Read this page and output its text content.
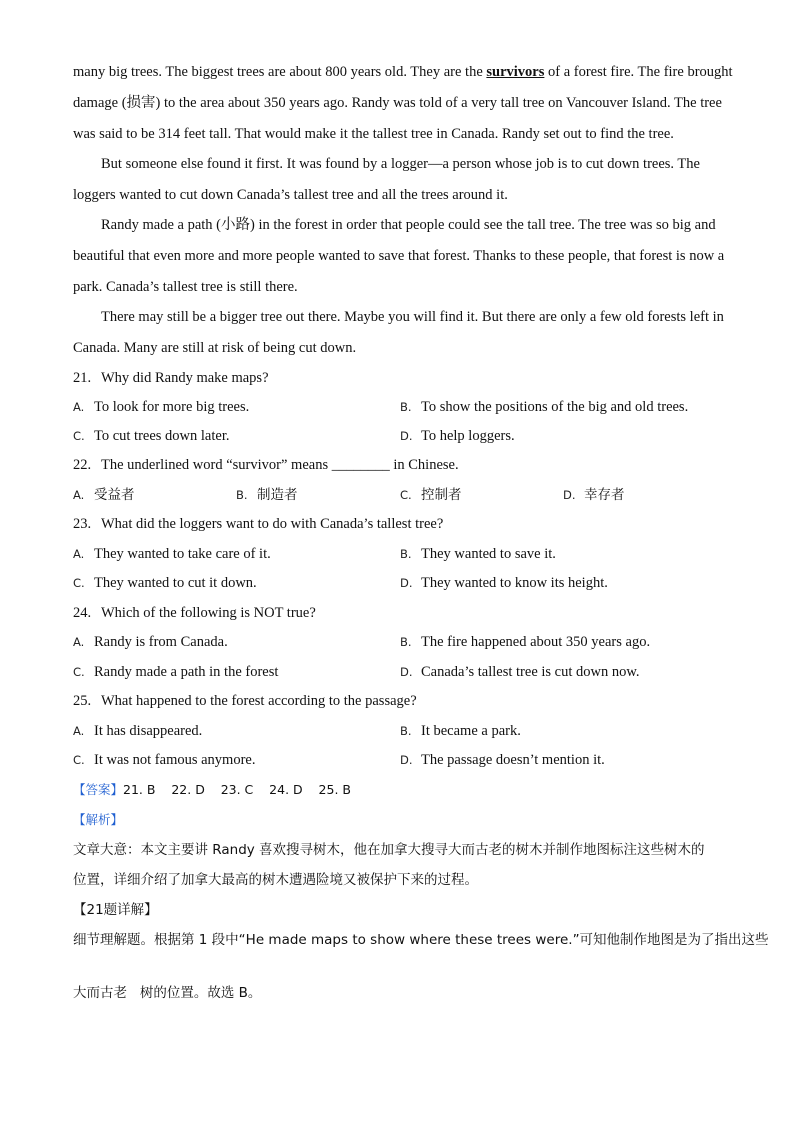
many big trees. The biggest trees are about 800 years old. They are the survivors of a forest fire. The fire brought
damage (损害) to the area about 350 years ago. Randy was told of a very tall tree on Vancouver Island. The tree
was said to be 314 feet tall. That would make it the tallest tree in Canada. Randy set out to find the tree.
But someone else found it first. It was found by a logger—a person whose job is to cut down trees. The
loggers wanted to cut down Canada’s tallest tree and all the trees around it.
Randy made a path (小路) in the forest in order that people could see the tall tree. The tree was so big and
beautiful that even more and more people wanted to save that forest. Thanks to these people, that forest is now a
park. Canada’s tallest tree is still there.
There may still be a bigger tree out there. Maybe you will find it. But there are only a few old forests left in
Canada. Many are still at risk of being cut down.
21. Why did Randy make maps?
A. To look for more big trees.	B. To show the positions of the big and old trees.
C. To cut trees down later.	D. To help loggers.
22. The underlined word “survivor” means ________ in Chinese.
A. 受益者	B. 制造者	C. 控制者	D. 幸存者
23. What did the loggers want to do with Canada’s tallest tree?
A. They wanted to take care of it.	B. They wanted to save it.
C. They wanted to cut it down.	D. They wanted to know its height.
24. Which of the following is NOT true?
A. Randy is from Canada.	B. The fire happened about 350 years ago.
C. Randy made a path in the forest	D. Canada’s tallest tree is cut down now.
25. What happened to the forest according to the passage?
A. It has disappeared.	B. It became a park.
C. It was not famous anymore.	D. The passage doesn’t mention it.
【答案】21. B    22. D    23. C    24. D    25. B
【解析】
文章大意：本文主要讲 Randy 喜欢搜寻树木，他在加拿大搜寻大而古老的树木并制作地图标注这些树木的
位置，详细介绍了加拿大最高的树木遭遇险境又被保护下来的过程。
【21题详解】
细节理解题。根据第 1 段中“He made maps to show where these trees were.”可知他制作地图是为了指出这些
大而古老   树的位置。故选 B。
